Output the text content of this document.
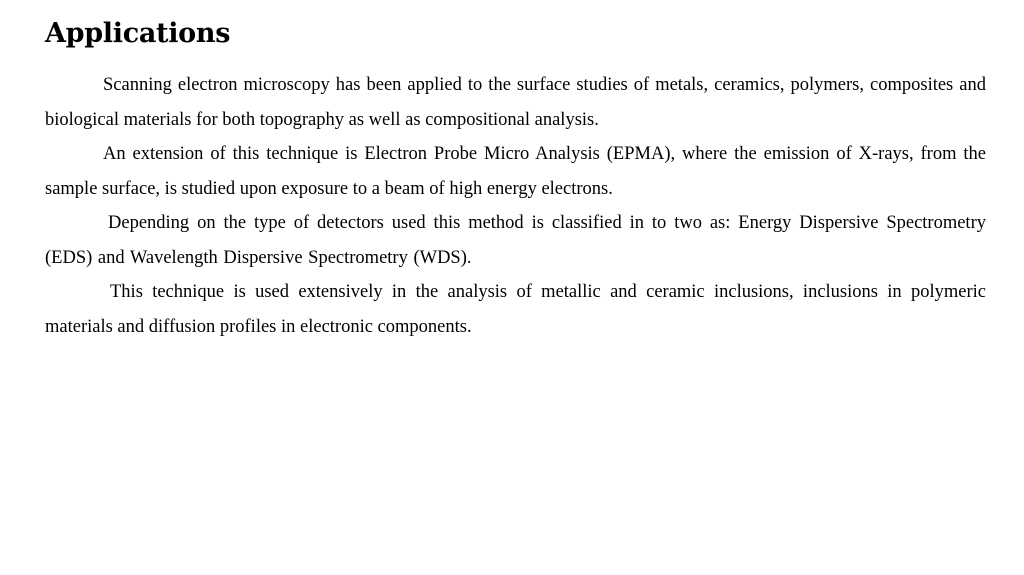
Applications

Scanning electron microscopy has been applied to the surface studies of metals, ceramics, polymers, composites and biological materials for both topography as well as compositional analysis.

An extension of this technique is Electron Probe Micro Analysis (EPMA), where the emission of X-rays, from the sample surface, is studied upon exposure to a beam of high energy electrons.

Depending on the type of detectors used this method is classified in to two as: Energy Dispersive Spectrometry (EDS) and Wavelength Dispersive Spectrometry (WDS).

This technique is used extensively in the analysis of metallic and ceramic inclusions, inclusions in polymeric materials and diffusion profiles in electronic components.
